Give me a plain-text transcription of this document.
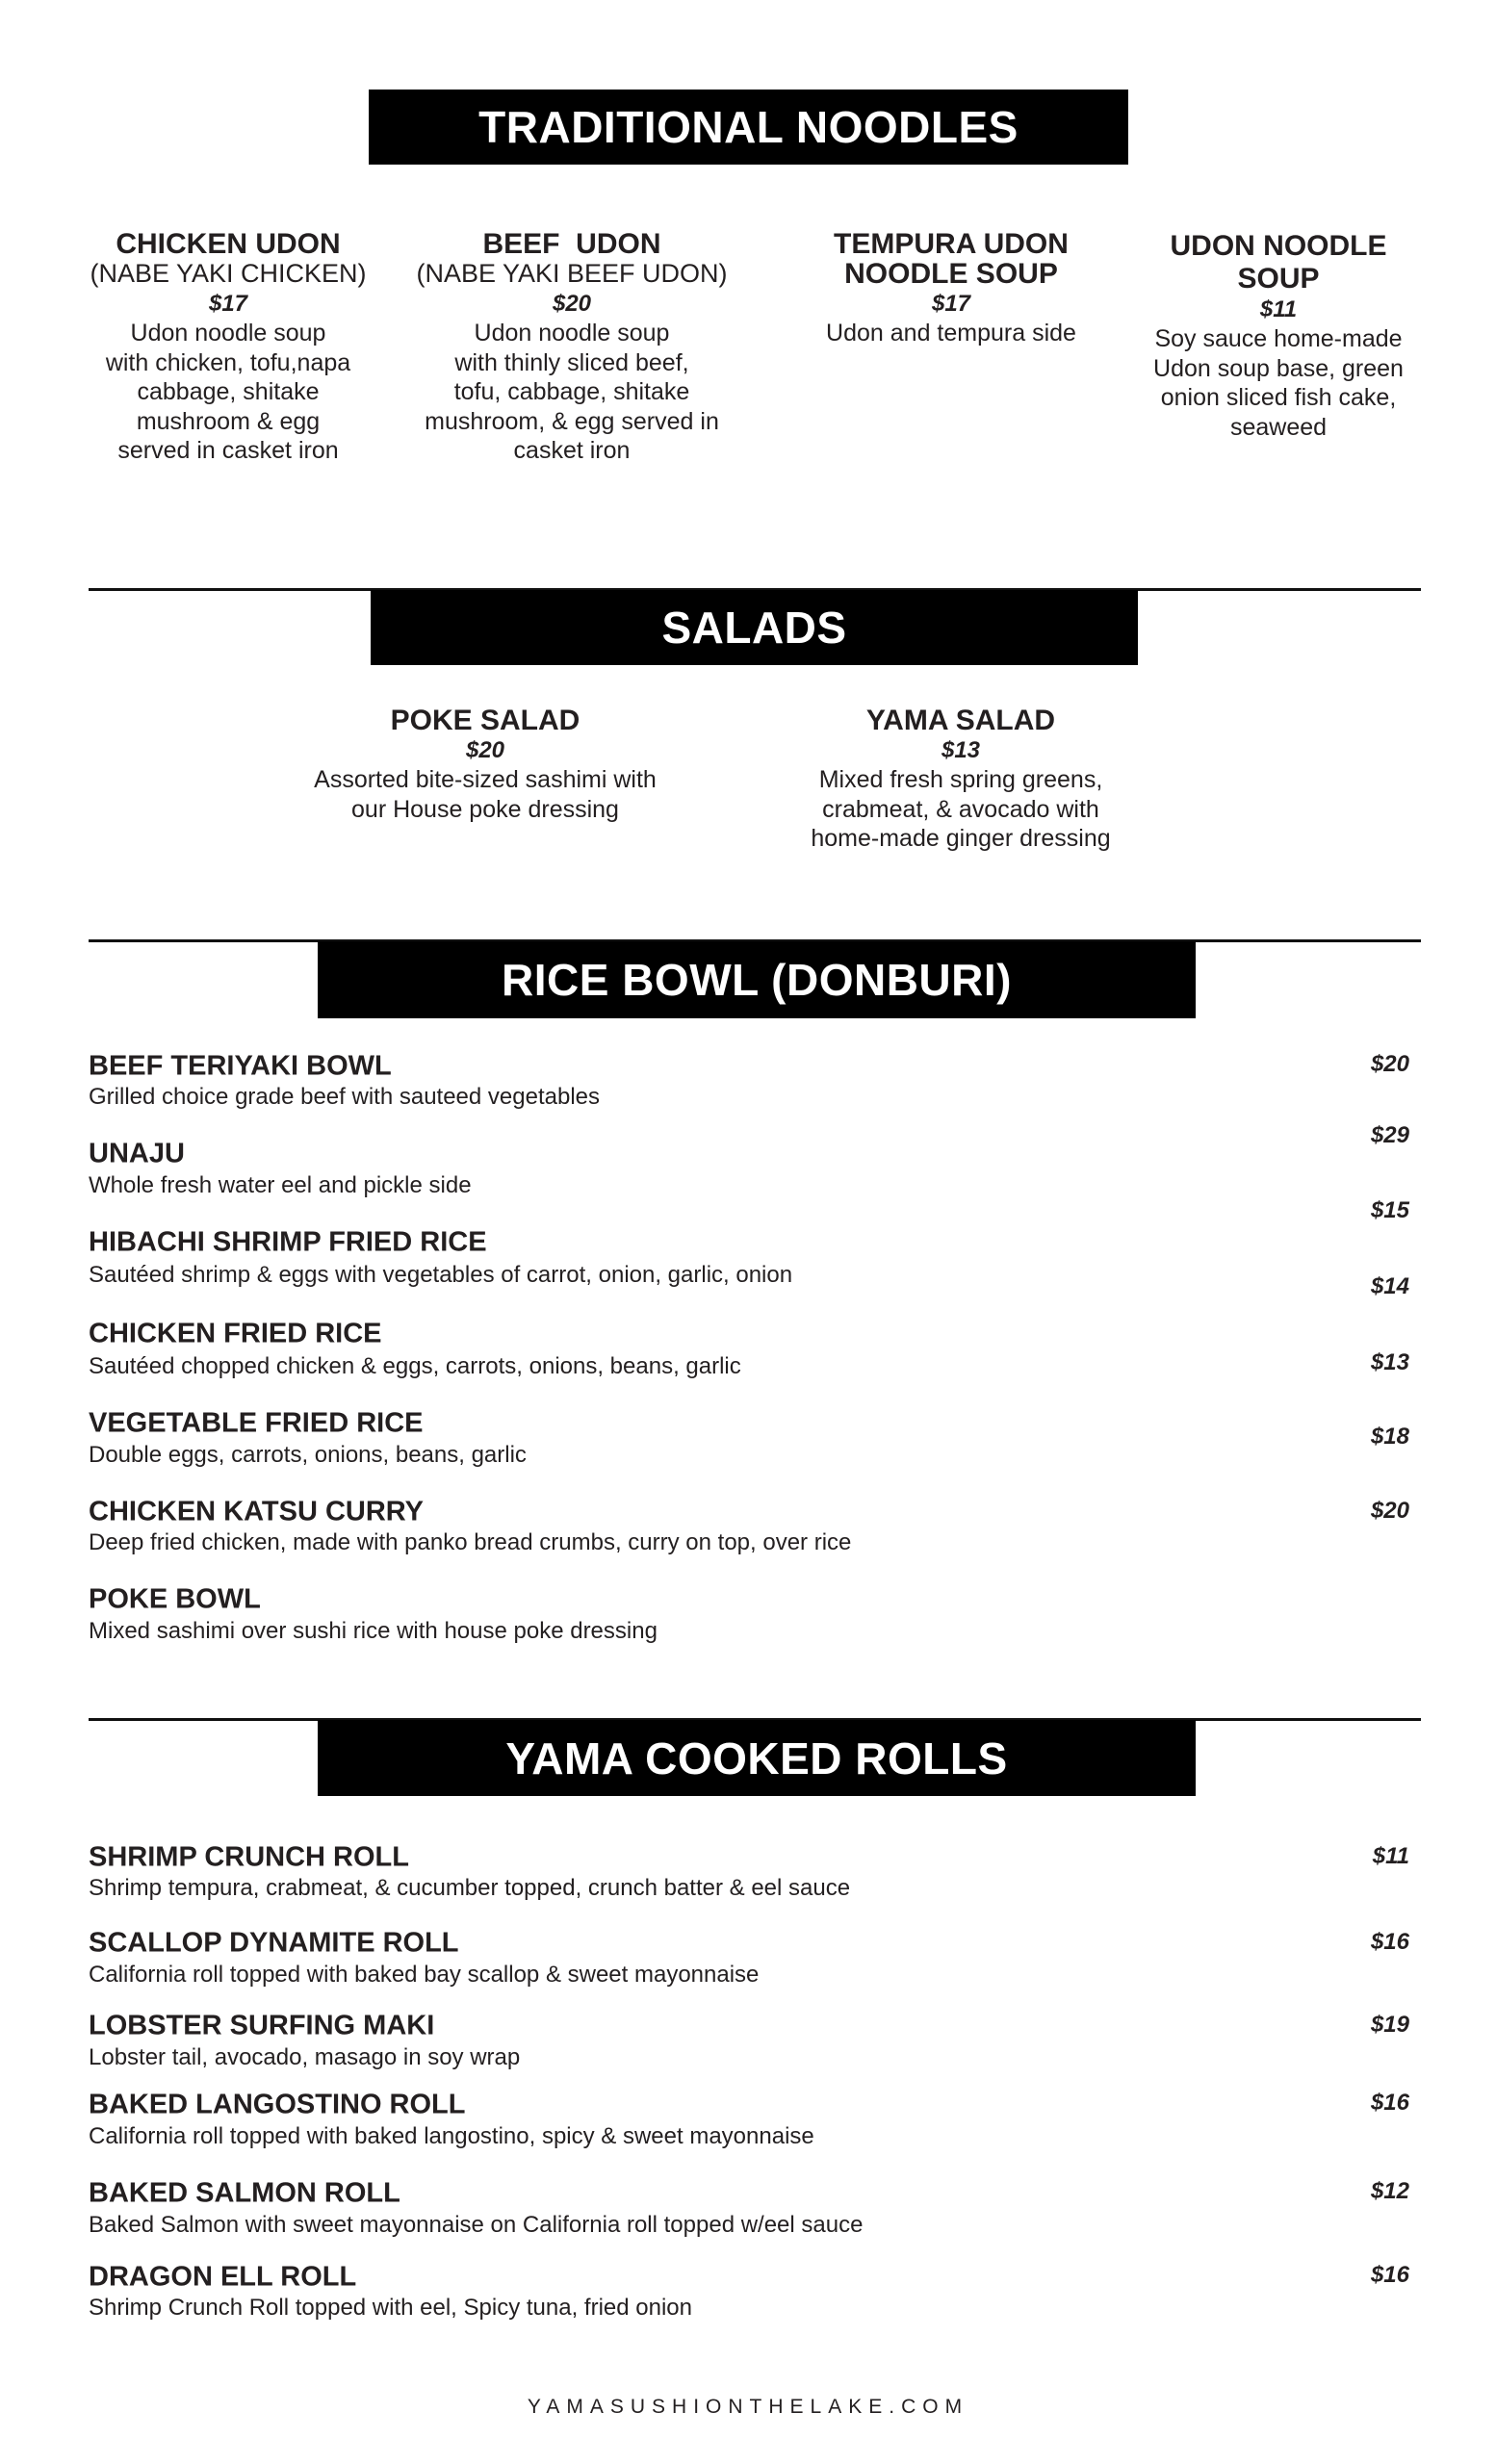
TRADITIONAL NOODLES
CHICKEN UDON
(NABE YAKI CHICKEN)
$17
Udon noodle soup
with chicken, tofu,napa
cabbage, shitake
mushroom & egg
served in casket iron
BEEF  UDON
(NABE YAKI BEEF UDON)
$20
Udon noodle soup
with thinly sliced beef,
tofu, cabbage, shitake
mushroom, & egg served in
casket iron
TEMPURA UDON
NOODLE SOUP
$17
Udon and tempura side
UDON NOODLE
SOUP
$11
Soy sauce home-made
Udon soup base, green
onion sliced fish cake,
seaweed
SALADS
POKE SALAD
$20
Assorted bite-sized sashimi with
our House poke dressing
YAMA SALAD
$13
Mixed fresh spring greens,
crabmeat, & avocado with
home-made ginger dressing
RICE BOWL (DONBURI)
BEEF TERIYAKI BOWL
Grilled choice grade beef with sauteed vegetables
$20
UNAJU
Whole fresh water eel and pickle side
$29
HIBACHI SHRIMP FRIED RICE
Sautéed shrimp & eggs with vegetables of carrot, onion, garlic, onion
$15
CHICKEN FRIED RICE
Sautéed chopped chicken & eggs, carrots, onions, beans, garlic
$14
VEGETABLE FRIED RICE
Double eggs, carrots, onions, beans, garlic
$13
CHICKEN KATSU CURRY
Deep fried chicken, made with panko bread crumbs, curry on top, over rice
$18
POKE BOWL
Mixed sashimi over sushi rice with house poke dressing
$20
YAMA COOKED ROLLS
SHRIMP CRUNCH ROLL
Shrimp tempura, crabmeat, & cucumber topped, crunch batter & eel sauce
$11
SCALLOP DYNAMITE ROLL
California roll topped with baked bay scallop & sweet mayonnaise
$16
LOBSTER SURFING MAKI
Lobster tail, avocado, masago in soy wrap
$19
BAKED LANGOSTINO ROLL
California roll topped with baked langostino, spicy & sweet mayonnaise
$16
BAKED SALMON ROLL
Baked Salmon with sweet mayonnaise on California roll topped w/eel sauce
$12
DRAGON ELL ROLL
Shrimp Crunch Roll topped with eel, Spicy tuna, fried onion
$16
YAMASUSHIONTHELAKE.COM
